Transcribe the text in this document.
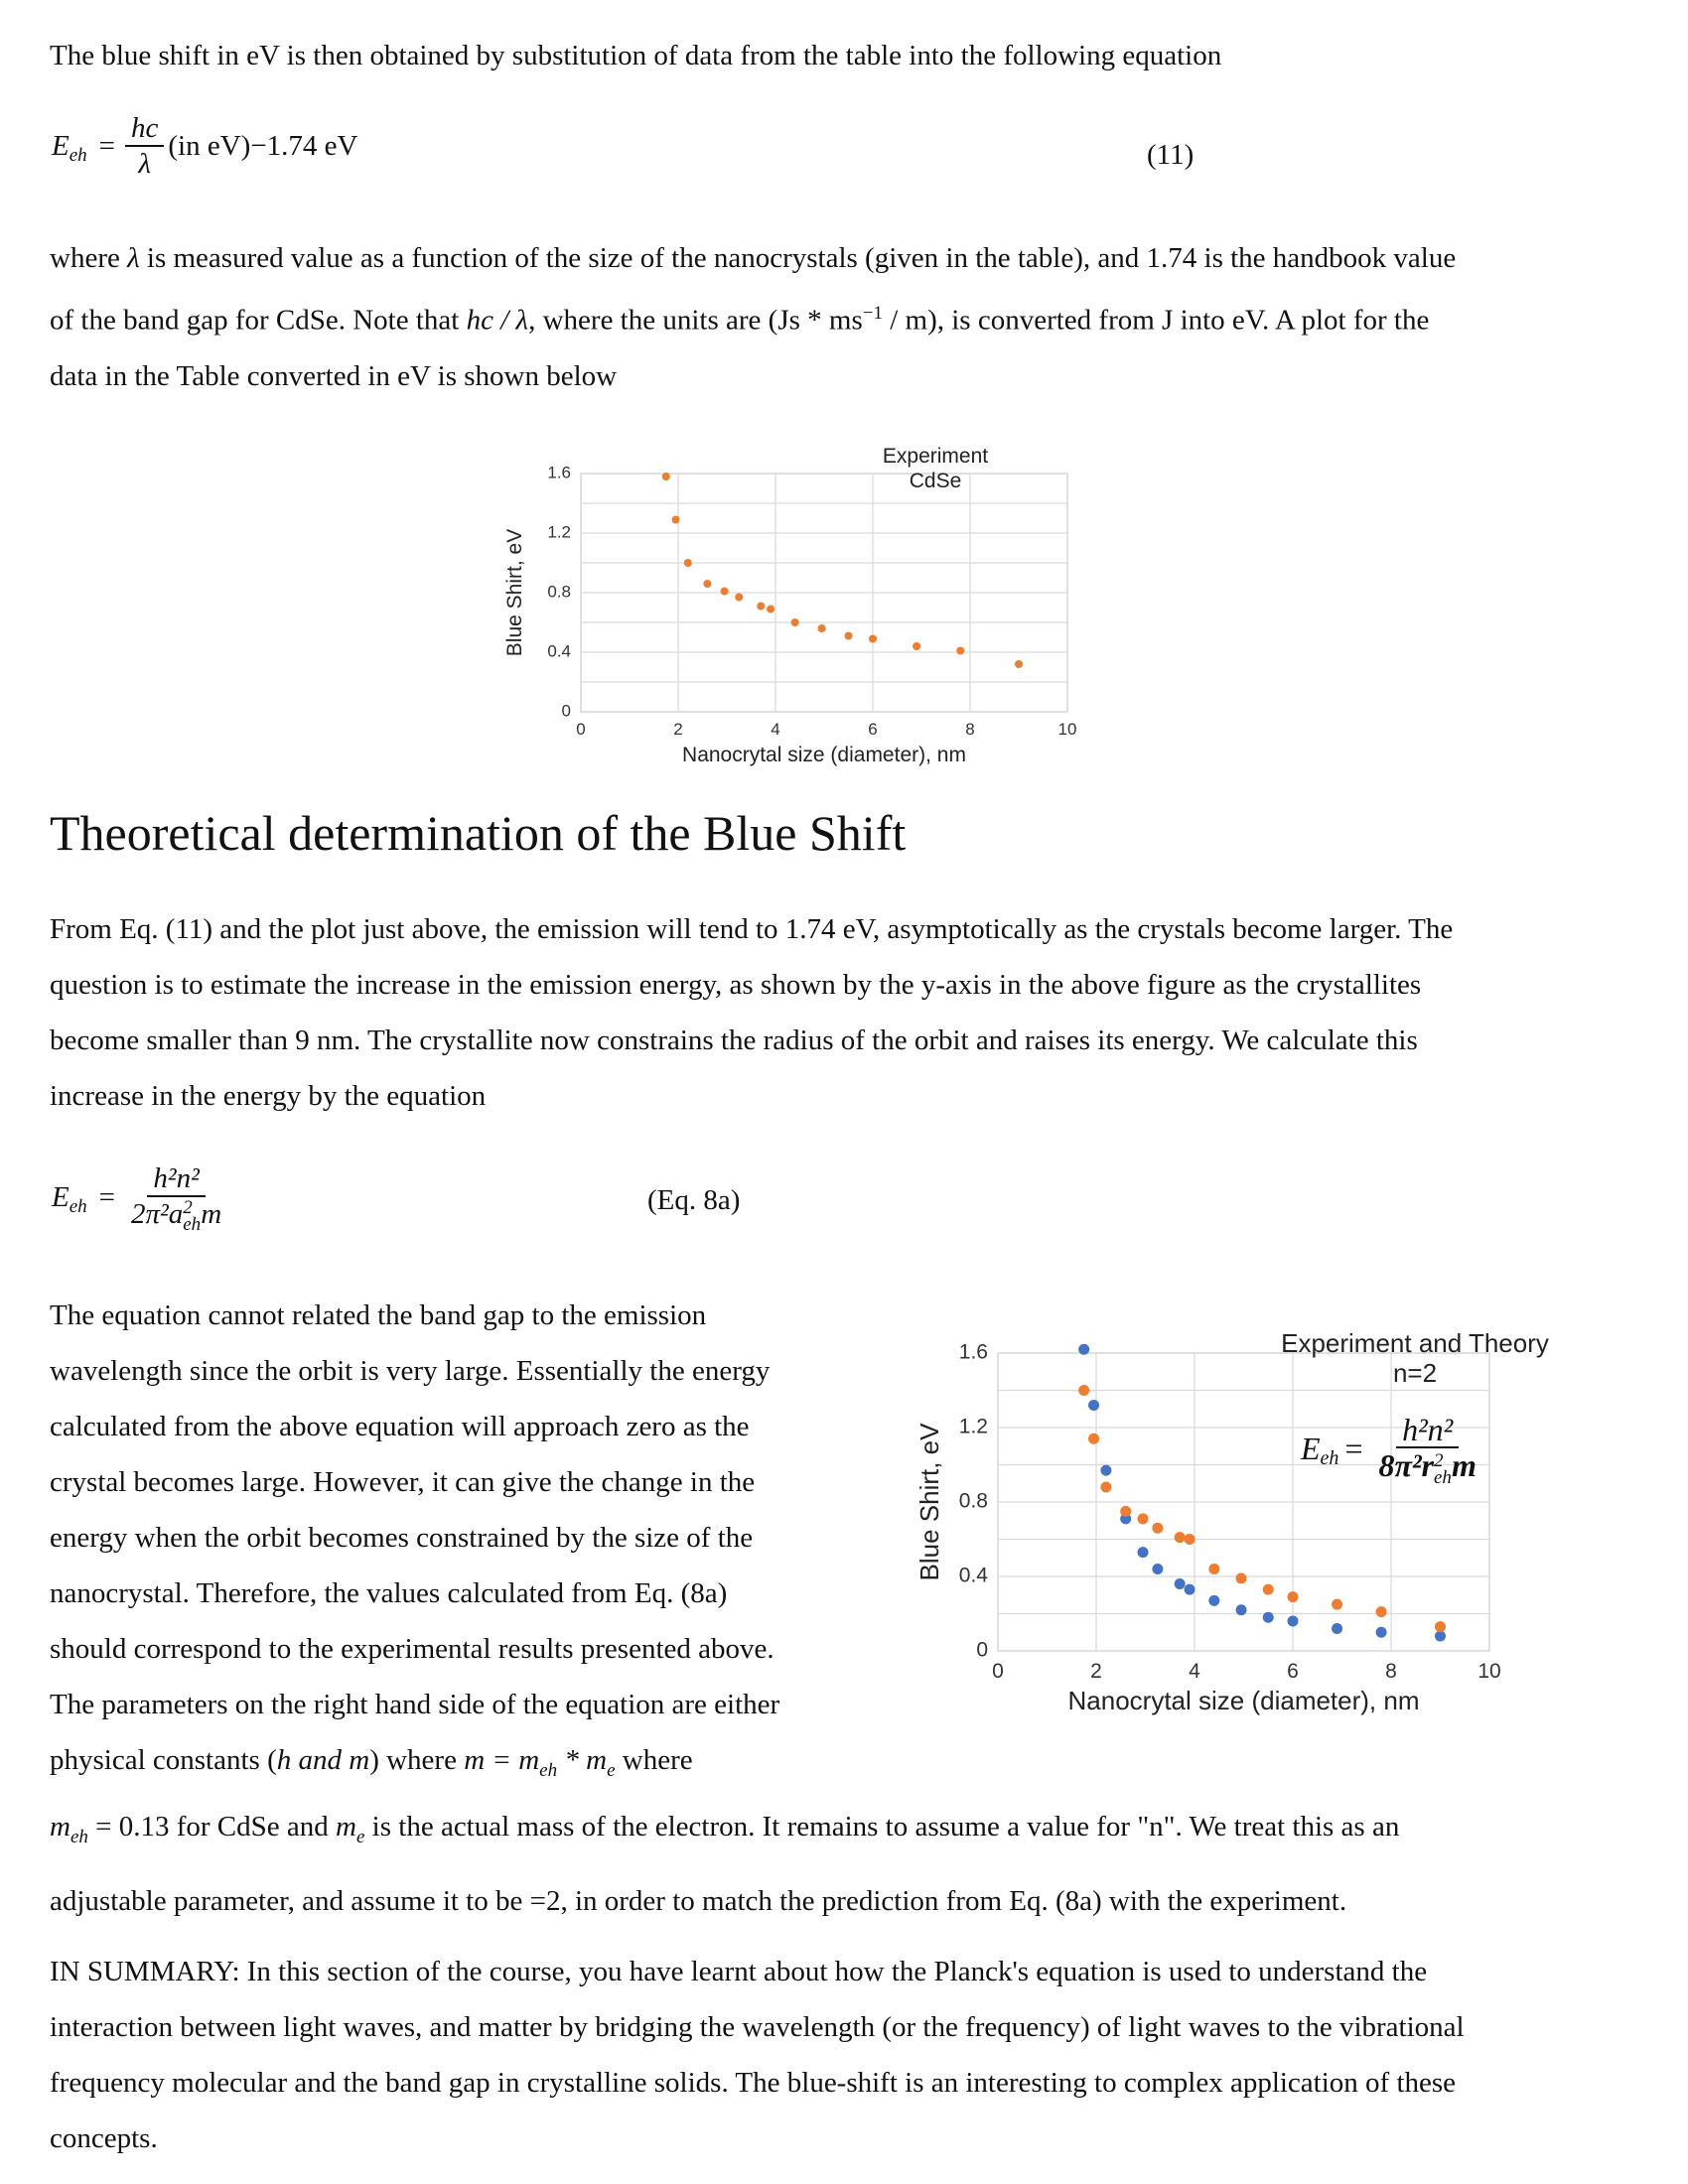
The blue shift in eV is then obtained by substitution of data from the table into the following equation
$E_{eh} = \frac{hc}{\lambda} (in$ eV)−1.74 eV	(11)
where λ is measured value as a function of the size of the nanocrystals (given in the table), and 1.74 is the handbook value
of the band gap for CdSe. Note that hc / λ, where the units are $(Js * ms^{-1} / m)$, is converted from J into eV. A plot for the
data in the Table converted in eV is shown below
0	2	4	6	8	10
0
0.4
0.8
1.2
1.6
Nanocrytal size (diameter), nm
Blue Shirt, eV
Experiment
CdSe
Theoretical determination of the Blue Shift
From Eq. (11) and the plot just above, the emission will tend to 1.74 eV, asymptotically as the crystals become larger. The
question is to estimate the increase in the emission energy, as shown by the y-axis in the above figure as the crystallites
become smaller than 9 nm. The crystallite now constrains the radius of the orbit and raises its energy. We calculate this
increase in the energy by the equation
$E_{eh} = h^2n^2$
2π²a 2
eh m	(Eq. 8a)
The equation cannot related the band gap to the emission
wavelength since the orbit is very large. Essentially the energy
calculated from the above equation will approach zero as the
crystal becomes large. However, it can give the change in the
energy when the orbit becomes constrained by the size of the
nanocrystal. Therefore, the values calculated from Eq. (8a)
should correspond to the experimental results presented above.
The parameters on the right hand side of the equation are either
physical constants (h and m) where $m = m_{eh} * m_e$ where
0	2	4	6	8	10
0
0.4
0.8
1.2
1.6
Nanocrytal size (diameter), nm
Blue Shirt, eV
Experiment and Theory
n=2
$E_{eh} = h^2n^2$
8π²r 2
eh m
$m_{eh} = 0.13$ for CdSe and $m_e$ is the actual mass of the electron. It remains to assume a value for "n". We treat this as an
adjustable parameter, and assume it to be =2, in order to match the prediction from Eq. (8a) with the experiment.
IN SUMMARY: In this section of the course, you have learnt about how the Planck's equation is used to understand the
interaction between light waves, and matter by bridging the wavelength (or the frequency) of light waves to the vibrational
frequency molecular and the band gap in crystalline solids. The blue-shift is an interesting to complex application of these
concepts.
